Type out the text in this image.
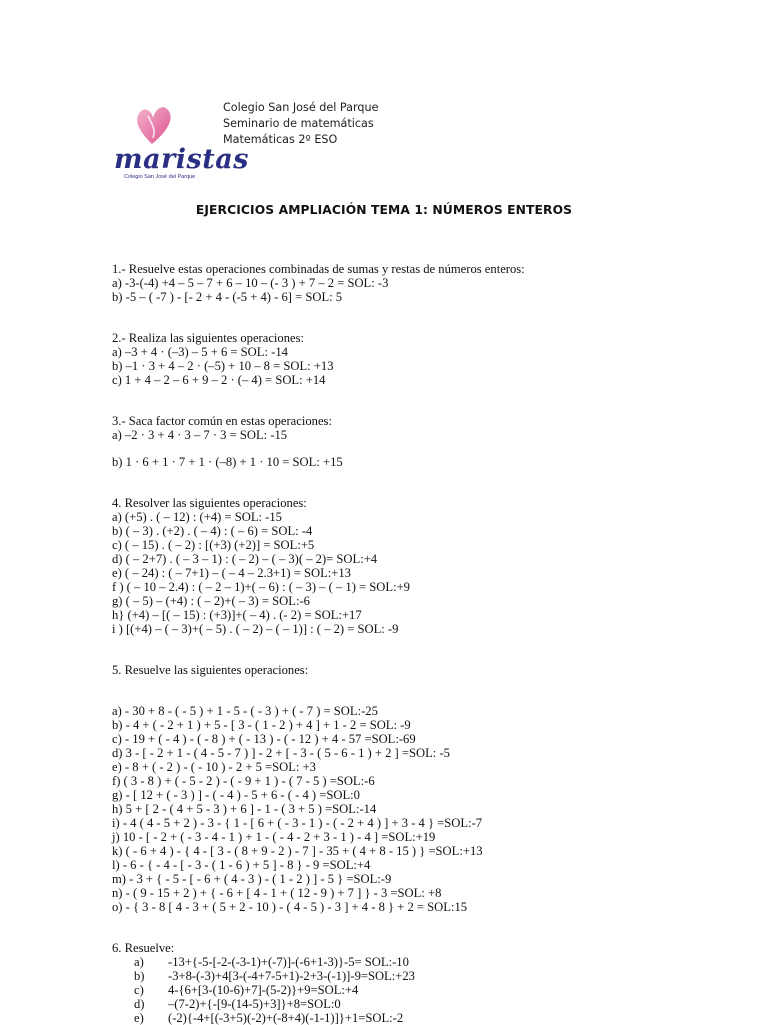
maristas
Colegio San José del Parque
Colegio San José del Parque
Seminario de matemáticas
Matemáticas 2º ESO
EJERCICIOS AMPLIACIÓN TEMA 1: NÚMEROS ENTEROS
1.- Resuelve estas operaciones combinadas de sumas y restas de números enteros:
a) -3-(-4) +4 – 5 – 7 + 6 – 10 – (- 3 ) + 7 – 2 = SOL: -3
b) -5 – ( -7 ) - [- 2 + 4 - (-5 + 4) - 6] = SOL: 5
2.- Realiza las siguientes operaciones:
a) –3 + 4 · (–3) – 5 + 6 = SOL: -14
b) –1 · 3 + 4 – 2 · (–5) + 10 – 8 = SOL: +13
c) 1 + 4 – 2 – 6 + 9 – 2 · (– 4) = SOL: +14
3.- Saca factor común en estas operaciones:
a) –2 · 3 + 4 · 3 – 7 · 3 = SOL: -15
b) 1 · 6 + 1 · 7 + 1 · (–8) + 1 · 10 = SOL: +15
4. Resolver las siguientes operaciones:
a) (+5) . ( – 12) : (+4) = SOL: -15
b) ( – 3) . (+2) . ( – 4) : ( – 6) = SOL: -4
c) ( – 15) . ( – 2) : [(+3) (+2)] = SOL:+5
d) ( – 2+7) . ( – 3 – 1) : ( – 2) – ( – 3)( – 2)= SOL:+4
e) ( – 24) : ( – 7+1) – ( – 4 – 2.3+1) = SOL:+13
f ) ( – 10 – 2.4) : ( – 2 – 1)+( – 6) : ( – 3) – ( – 1) = SOL:+9
g) ( – 5) – (+4) : ( – 2)+( – 3) = SOL:-6
h} (+4) – [( – 15) : (+3)]+( – 4) . (- 2) = SOL:+17
i ) [(+4) – ( – 3)+( – 5) . ( – 2) – ( – 1)] : ( – 2) = SOL: -9
5. Resuelve las siguientes operaciones:
a) - 30 + 8 - ( - 5 ) + 1 - 5 - ( - 3 ) + ( - 7 ) = SOL:-25
b) - 4 + ( - 2 + 1 ) + 5 - [ 3 - ( 1 - 2 ) + 4 ] + 1 - 2 = SOL: -9
c) - 19 + ( - 4 ) - ( - 8 ) + ( - 13 ) - ( - 12 ) + 4 - 57 =SOL:-69
d) 3 - [ - 2 + 1 - ( 4 - 5 - 7 ) ] - 2 + [ - 3 - ( 5 - 6 - 1 ) + 2 ] =SOL: -5
e) - 8 + ( - 2 ) - ( - 10 ) - 2 + 5 =SOL: +3
f) ( 3 - 8 ) + ( - 5 - 2 ) - ( - 9 + 1 ) - ( 7 - 5 ) =SOL:-6
g) - [ 12 + ( - 3 ) ] - ( - 4 ) - 5 + 6 - ( - 4 ) =SOL:0
h) 5 + [ 2 - ( 4 + 5 - 3 ) + 6 ] - 1 - ( 3 + 5 ) =SOL:-14
i) - 4 ( 4 - 5 + 2 ) - 3 - { 1 - [ 6 + ( - 3 - 1 ) - ( - 2 + 4 ) ] + 3 - 4 } =SOL:-7
j) 10 - [ - 2 + ( - 3 - 4 - 1 ) + 1 - ( - 4 - 2 + 3 - 1 ) - 4 ] =SOL:+19
k) ( - 6 + 4 ) - { 4 - [ 3 - ( 8 + 9 - 2 ) - 7 ] - 35 + ( 4 + 8 - 15 ) } =SOL:+13
l) - 6 - { - 4 - [ - 3 - ( 1 - 6 ) + 5 ] - 8 } - 9 =SOL:+4
m) - 3 + { - 5 - [ - 6 + ( 4 - 3 ) - ( 1 - 2 ) ] - 5 } =SOL:-9
n) - ( 9 - 15 + 2 ) + { - 6 + [ 4 - 1 + ( 12 - 9 ) + 7 ] } - 3 =SOL: +8
o) - { 3 - 8 [ 4 - 3 + ( 5 + 2 - 10 ) - ( 4 - 5 ) - 3 ] + 4 - 8 } + 2 = SOL:15
6. Resuelve:
a) -13+{-5-[-2-(-3-1)+(-7)]-(-6+1-3)}-5= SOL:-10
b) -3+8-(-3)+4[3-(-4+7-5+1)-2+3-(-1)]-9=SOL:+23
c) 4-{6+[3-(10-6)+7]-(5-2)}+9=SOL:+4
d) –(7-2)+{-[9-(14-5)+3]}+8=SOL:0
e) (-2){-4+[(-3+5)(-2)+(-8+4)(-1-1)]}+1=SOL:-2
